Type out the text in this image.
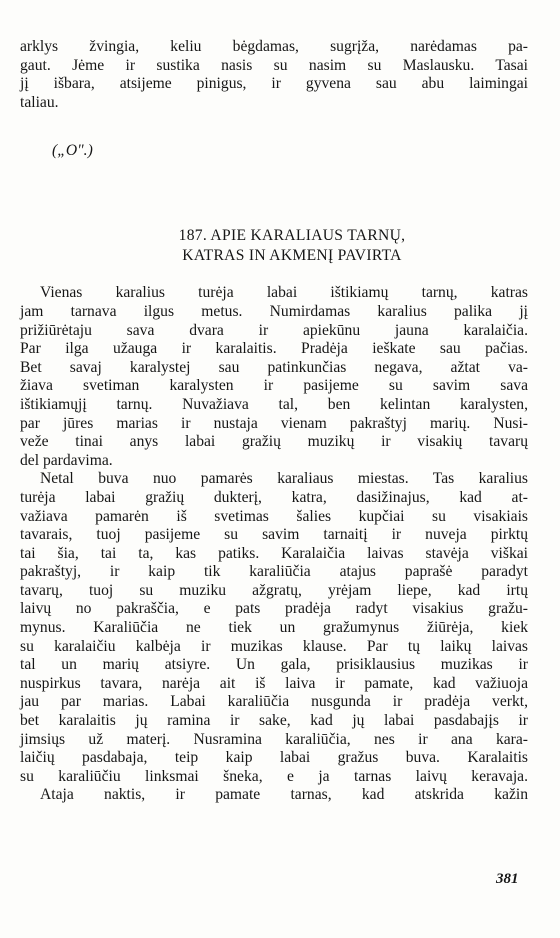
arklys žvingia, keliu bėgdamas, sugrįža, narėdamas pa-
gaut. Jėme ir sustika nasis su nasim su Maslausku. Tasai
jį išbara, atsijeme pinigus, ir gyvena sau abu laimingai
taliau.
(„O".)
187. APIE KARALIAUS TARNŲ,
KATRAS IN AKMENĮ PAVIRTA
Vienas karalius turėja labai ištikiamų tarnų, katras
jam tarnava ilgus metus. Numirdamas karalius palika jį
prižiūrėtaju sava dvara ir apiekūnu jauna karalaičia.
Par ilga užauga ir karalaitis. Pradėja ieškate sau pačias.
Bet savaj karalystej sau patinkunčias negava, ažtat va-
žiava svetiman karalysten ir pasijeme su savim sava
ištikiamųjį tarnų. Nuvažiava tal, ben kelintan karalysten,
par jūres marias ir nustaja vienam pakraštyj marių. Nusi-
veže tinai anys labai gražių muzikų ir visakių tavarų
del pardavima.
Netal buva nuo pamarės karaliaus miestas. Tas karalius
turėja labai gražių dukterį, katra, dasižinajus, kad at-
važiava pamarėn iš svetimas šalies kupčiai su visakiais
tavarais, tuoj pasijeme su savim tarnaitį ir nuveja pirktų
tai šia, tai ta, kas patiks. Karalaičia laivas stavėja viškai
pakraštyj, ir kaip tik karaliūčia atajus paprašė paradyt
tavarų, tuoj su muziku ažgratų, yrėjam liepe, kad irtų
laivų no pakraščia, e pats pradėja radyt visakius gražu-
mynus. Karaliūčia ne tiek un gražumynus žiūrėja, kiek
su karalaičiu kalbėja ir muzikas klause. Par tų laikų laivas
tal un marių atsiyre. Un gala, prisiklausius muzikas ir
nuspirkus tavara, narėja ait iš laiva ir pamate, kad važiuoja
jau par marias. Labai karaliūčia nusgunda ir pradėja verkt,
bet karalaitis jų ramina ir sake, kad jų labai pasdabajįs ir
jimsiųs už materį. Nusramina karaliūčia, nes ir ana kara-
laičių pasdabaja, teip kaip labai gražus buva. Karalaitis
su karaliūčiu linksmai šneka, e ja tarnas laivų keravaja.
Ataja naktis, ir pamate tarnas, kad atskrida kažin
381
